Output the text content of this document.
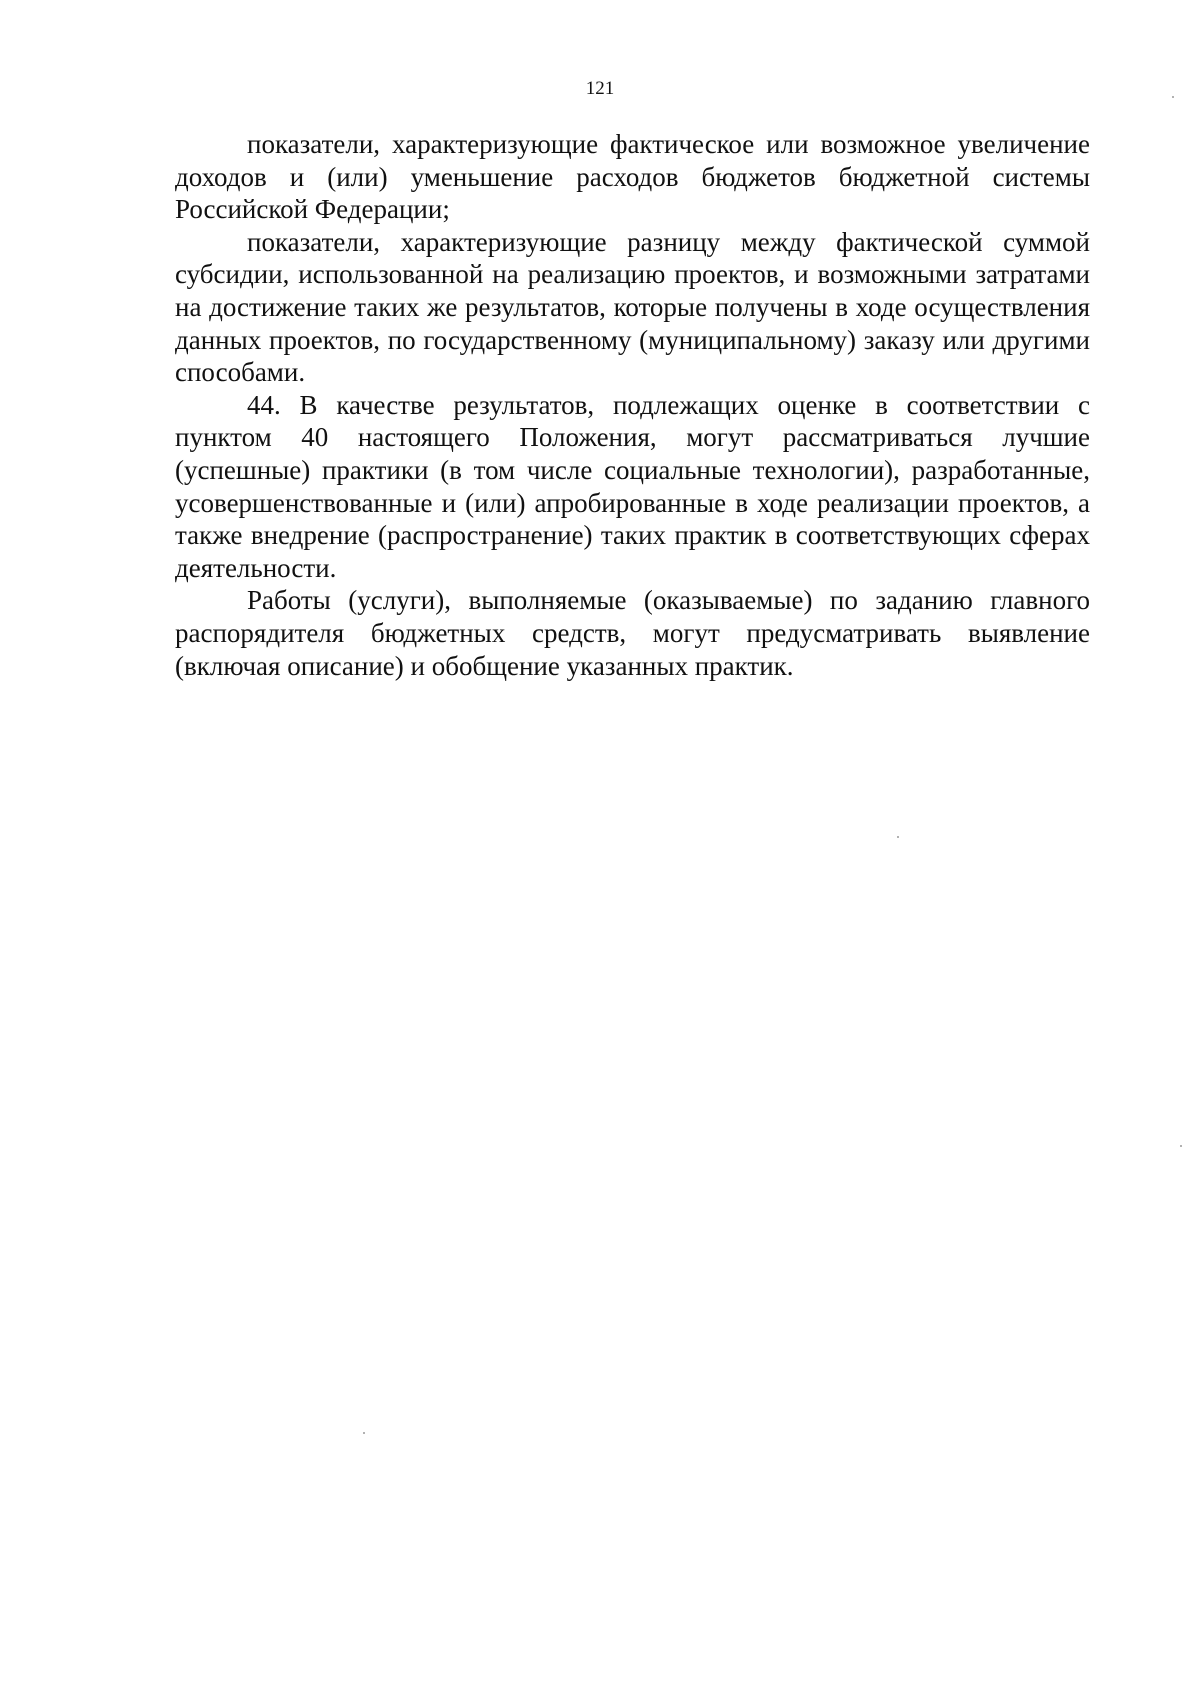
121

показатели, характеризующие фактическое или возможное увеличение доходов и (или) уменьшение расходов бюджетов бюджетной системы Российской Федерации;

показатели, характеризующие разницу между фактической суммой субсидии, использованной на реализацию проектов, и возможными затратами на достижение таких же результатов, которые получены в ходе осуществления данных проектов, по государственному (муниципальному) заказу или другими способами.

44. В качестве результатов, подлежащих оценке в соответствии с пунктом 40 настоящего Положения, могут рассматриваться лучшие (успешные) практики (в том числе социальные технологии), разработанные, усовершенствованные и (или) апробированные в ходе реализации проектов, а также внедрение (распространение) таких практик в соответствующих сферах деятельности.

Работы (услуги), выполняемые (оказываемые) по заданию главного распорядителя бюджетных средств, могут предусматривать выявление (включая описание) и обобщение указанных практик.
